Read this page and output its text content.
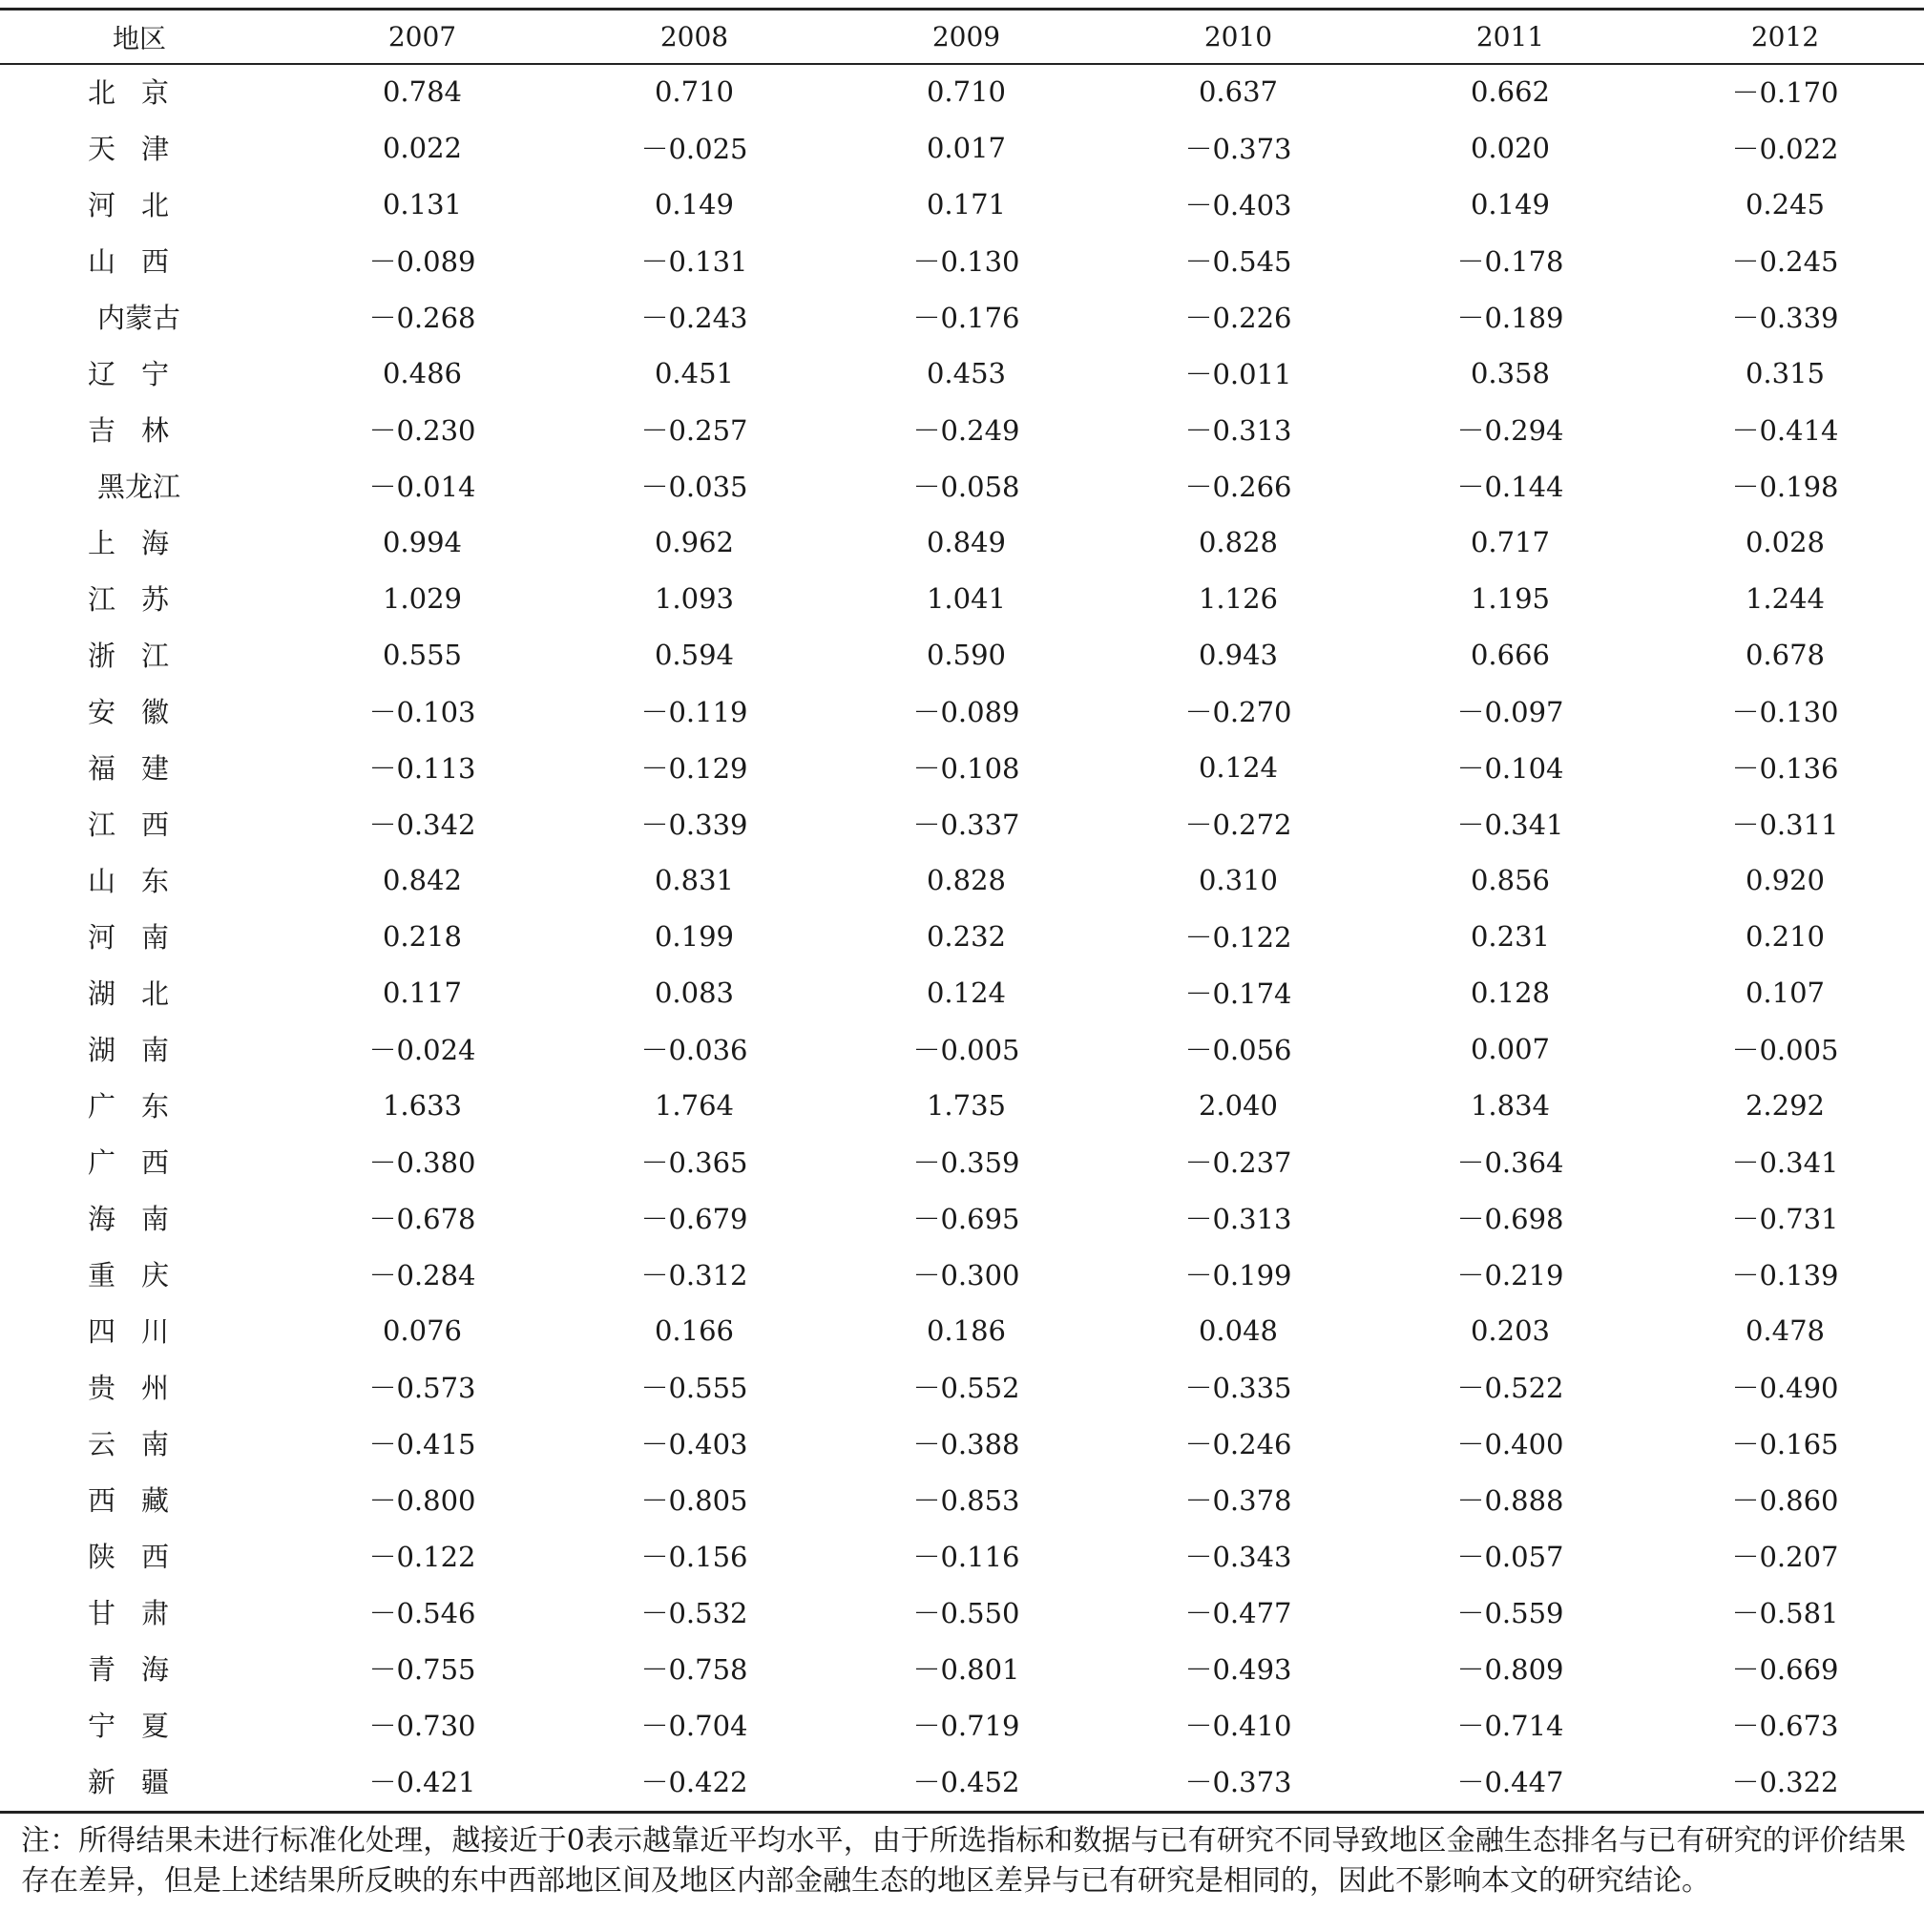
地区	2007	2008	2009	2010	2011	2012

北 京	0.784	0.710	0.710	0.637	0.662	－0.170

天 津	0.022	－0.025	0.017	－0.373	0.020	－0.022

河 北	0.131	0.149	0.171	－0.403	0.149	0.245

山 西	－0.089	－0.131	－0.130	－0.545	－0.178	－0.245
内蒙古	－0.268	－0.243	－0.176	－0.226	－0.189	－0.339

辽 宁	0.486	0.451	0.453	－0.011	0.358	0.315

吉 林	－0.230	－0.257	－0.249	－0.313	－0.294	－0.414
黑龙江	－0.014	－0.035	－0.058	－0.266	－0.144	－0.198

上 海	0.994	0.962	0.849	0.828	0.717	0.028

江 苏	1.029	1.093	1.041	1.126	1.195	1.244

浙 江	0.555	0.594	0.590	0.943	0.666	0.678

安 徽	－0.103	－0.119	－0.089	－0.270	－0.097	－0.130

福 建	－0.113	－0.129	－0.108	0.124	－0.104	－0.136

江 西	－0.342	－0.339	－0.337	－0.272	－0.341	－0.311

山 东	0.842	0.831	0.828	0.310	0.856	0.920

河 南	0.218	0.199	0.232	－0.122	0.231	0.210

湖 北	0.117	0.083	0.124	－0.174	0.128	0.107

湖 南	－0.024	－0.036	－0.005	－0.056	0.007	－0.005

广 东	1.633	1.764	1.735	2.040	1.834	2.292

广 西	－0.380	－0.365	－0.359	－0.237	－0.364	－0.341

海 南	－0.678	－0.679	－0.695	－0.313	－0.698	－0.731

重 庆	－0.284	－0.312	－0.300	－0.199	－0.219	－0.139

四 川	0.076	0.166	0.186	0.048	0.203	0.478

贵 州	－0.573	－0.555	－0.552	－0.335	－0.522	－0.490

云 南	－0.415	－0.403	－0.388	－0.246	－0.400	－0.165

西 藏	－0.800	－0.805	－0.853	－0.378	－0.888	－0.860

陕 西	－0.122	－0.156	－0.116	－0.343	－0.057	－0.207

甘 肃	－0.546	－0.532	－0.550	－0.477	－0.559	－0.581

青 海	－0.755	－0.758	－0.801	－0.493	－0.809	－0.669

宁 夏	－0.730	－0.704	－0.719	－0.410	－0.714	－0.673

新 疆	－0.421	－0.422	－0.452	－0.373	－0.447	－0.322
注：所得结果未进行标准化处理，越接近于0表示越靠近平均水平，由于所选指标和数据与已有研究不同导致地区金融生态排名与已有研究的评价结果存在差异，但是上述结果所反映的东中西部地区间及地区内部金融生态的地区差异与已有研究是相同的，因此不影响本文的研究结论。
